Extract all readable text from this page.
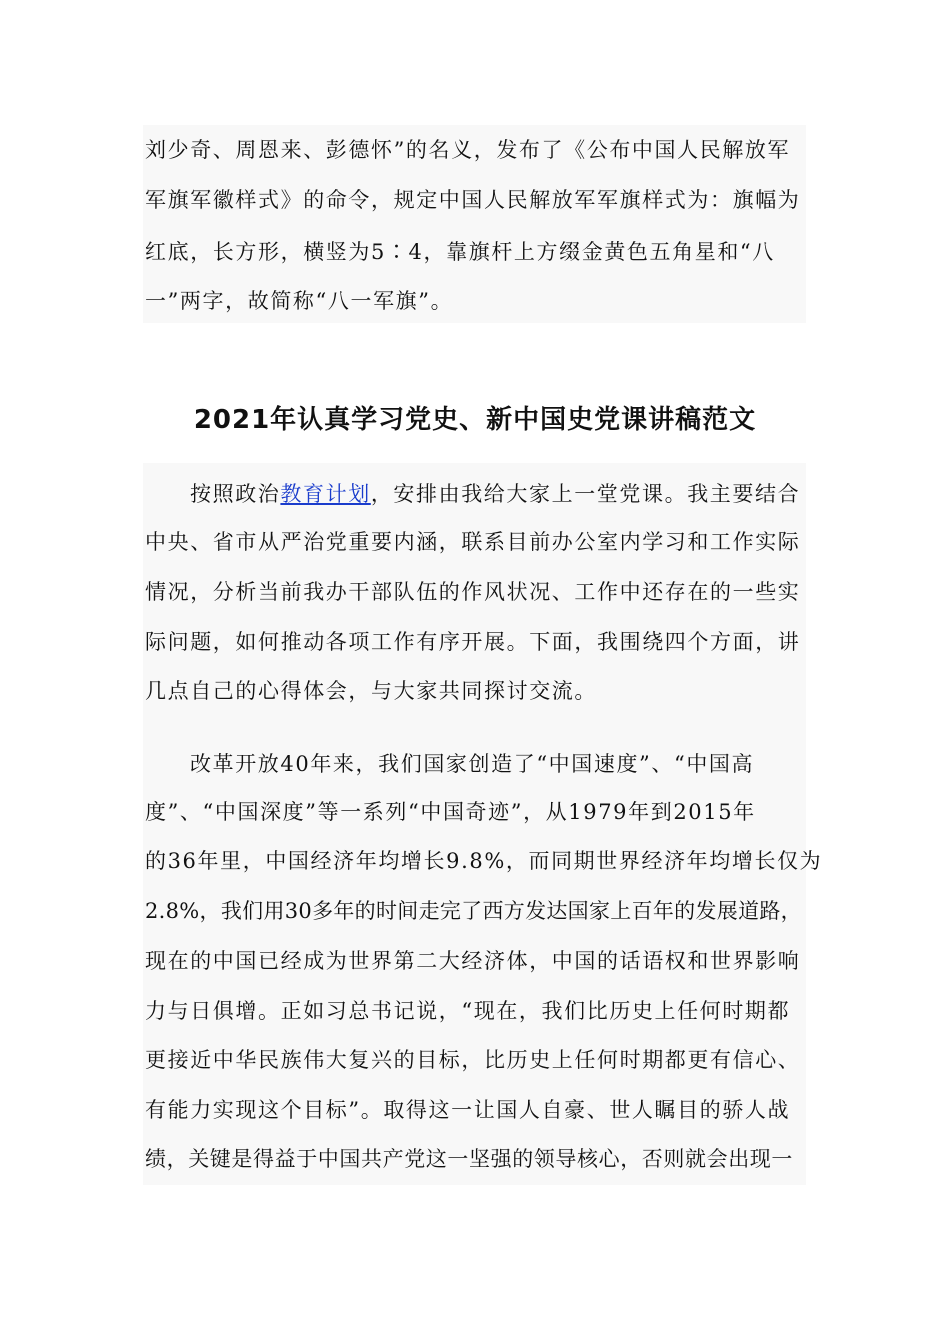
刘少奇、周恩来、彭德怀”的名义，发布了《公布中国人民解放军
军旗军徽样式》的命令，规定中国人民解放军军旗样式为：旗幅为
红底，长方形，横竖为5∶4，靠旗杆上方缀金黄色五角星和“八
一”两字，故简称“八一军旗”。
2021年认真学习党史、新中国史党课讲稿范文
按照政治教育计划，安排由我给大家上一堂党课。我主要结合
中央、省市从严治党重要内涵，联系目前办公室内学习和工作实际
情况，分析当前我办干部队伍的作风状况、工作中还存在的一些实
际问题，如何推动各项工作有序开展。下面，我围绕四个方面，讲
几点自己的心得体会，与大家共同探讨交流。
改革开放40年来，我们国家创造了“中国速度”、“中国高
度”、“中国深度”等一系列“中国奇迹”，从1979年到2015年
的36年里，中国经济年均增长9.8%，而同期世界经济年均增长仅为
2.8%，我们用30多年的时间走完了西方发达国家上百年的发展道路，
现在的中国已经成为世界第二大经济体，中国的话语权和世界影响
力与日俱增。正如习总书记说，“现在，我们比历史上任何时期都
更接近中华民族伟大复兴的目标，比历史上任何时期都更有信心、
有能力实现这个目标”。取得这一让国人自豪、世人瞩目的骄人战
绩，关键是得益于中国共产党这一坚强的领导核心，否则就会出现一
